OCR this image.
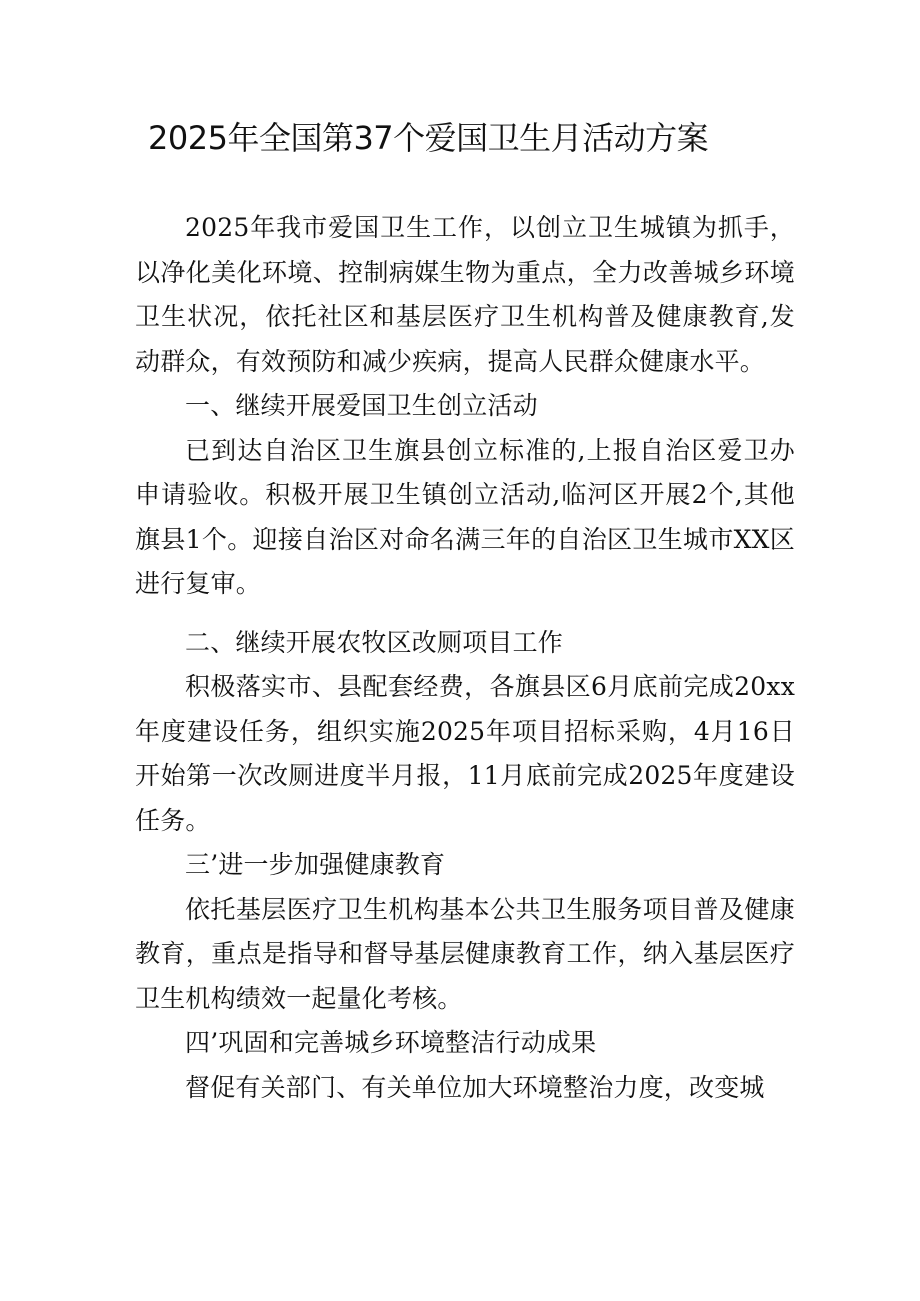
2025年全国第37个爱国卫生月活动方案

2025年我市爱国卫生工作，以创立卫生城镇为抓手，以净化美化环境、控制病媒生物为重点，全力改善城乡环境卫生状况，依托社区和基层医疗卫生机构普及健康教育,发动群众，有效预防和减少疾病，提高人民群众健康水平。

一、继续开展爱国卫生创立活动

已到达自治区卫生旗县创立标准的,上报自治区爱卫办申请验收。积极开展卫生镇创立活动,临河区开展2个,其他旗县1个。迎接自治区对命名满三年的自治区卫生城市XX区进行复审。

二、继续开展农牧区改厕项目工作

积极落实市、县配套经费，各旗县区6月底前完成20xx年度建设任务，组织实施2025年项目招标采购，4月16日开始第一次改厕进度半月报，11月底前完成2025年度建设任务。

三’进一步加强健康教育

依托基层医疗卫生机构基本公共卫生服务项目普及健康教育，重点是指导和督导基层健康教育工作，纳入基层医疗卫生机构绩效一起量化考核。

四’巩固和完善城乡环境整洁行动成果

督促有关部门、有关单位加大环境整治力度，改变城
